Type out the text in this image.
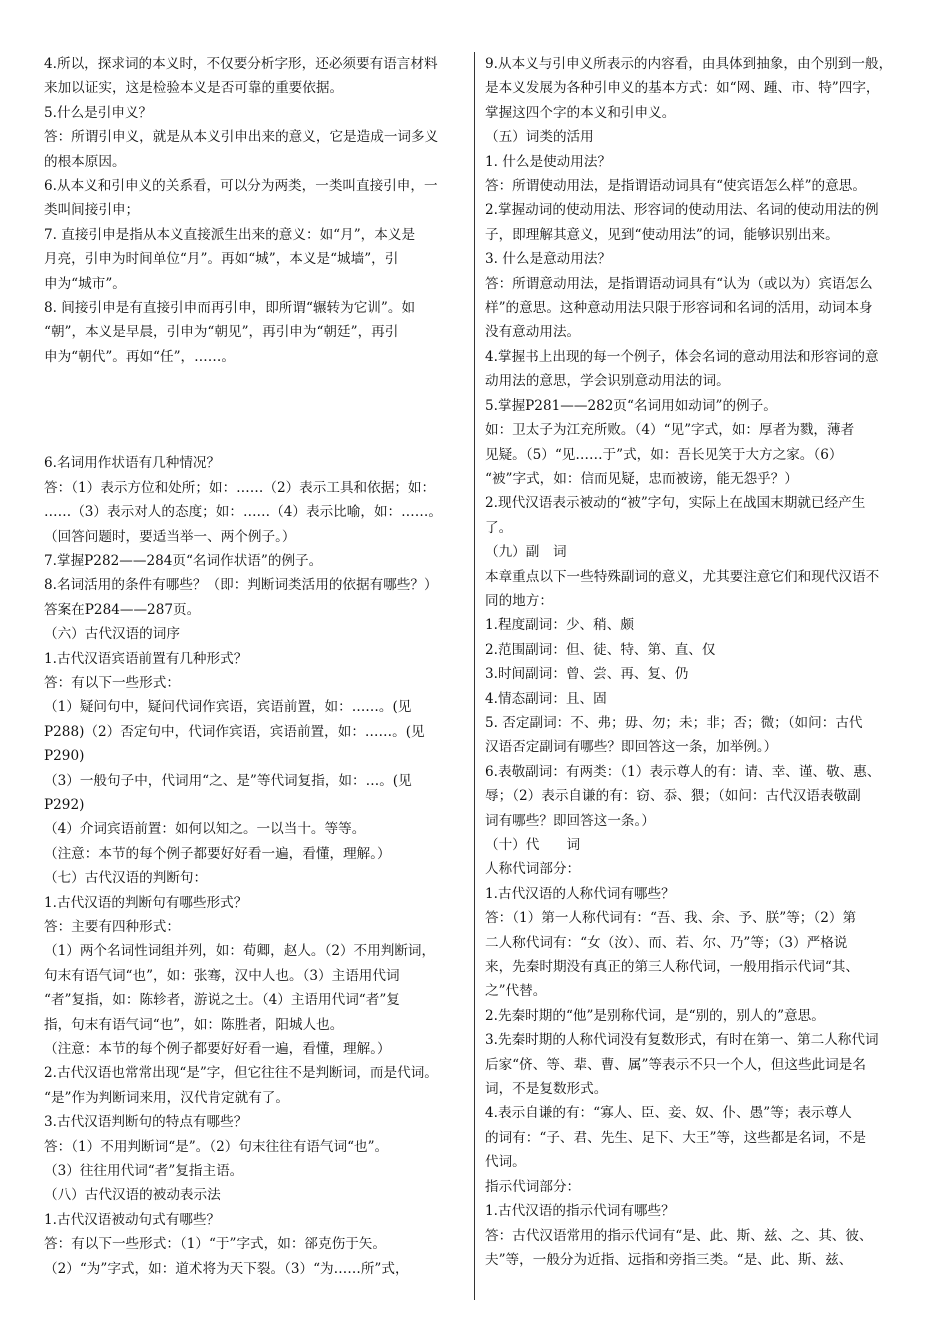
4.所以，探求词的本义时，不仅要分析字形，还必须要有语言材料
来加以证实，这是检验本义是否可靠的重要依据。
5.什么是引申义？
答：所谓引申义，就是从本义引申出来的意义，它是造成一词多义
的根本原因。
6.从本义和引申义的关系看，可以分为两类，一类叫直接引申，一
类叫间接引申；
7. 直接引申是指从本义直接派生出来的意义：如“月”，本义是
月亮，引申为时间单位“月”。再如“城”，本义是“城墙”，引
申为“城市”。
8. 间接引申是有直接引申而再引申，即所谓“辗转为它训”。如
“朝”，本义是早晨，引申为“朝见”，再引申为“朝廷”，再引
申为“朝代”。再如“任”，……。
6.名词用作状语有几种情况？
答：（1）表示方位和处所；如：……（2）表示工具和依据；如：
……（3）表示对人的态度；如：……（4）表示比喻，如：……。
（回答问题时，要适当举一、两个例子。）
7.掌握P282——284页“名词作状语”的例子。
8.名词活用的条件有哪些？（即：判断词类活用的依据有哪些？）
答案在P284——287页。
（六）古代汉语的词序
1.古代汉语宾语前置有几种形式？
答：有以下一些形式：
（1）疑问句中，疑问代词作宾语，宾语前置，如：……。(见
P288)（2）否定句中，代词作宾语，宾语前置，如：……。(见
P290)
（3）一般句子中，代词用“之、是”等代词复指，如：…。(见
P292)
（4）介词宾语前置：如何以知之。一以当十。等等。
（注意：本节的每个例子都要好好看一遍，看懂，理解。）
（七）古代汉语的判断句：
1.古代汉语的判断句有哪些形式？
答：主要有四种形式：
（1）两个名词性词组并列，如：荀卿，赵人。（2）不用判断词，
句末有语气词“也”，如：张骞，汉中人也。（3）主语用代词
“者”复指，如：陈轸者，游说之士。（4）主语用代词“者”复
指，句末有语气词“也”，如：陈胜者，阳城人也。
（注意：本节的每个例子都要好好看一遍，看懂，理解。）
2.古代汉语也常常出现“是”字，但它往往不是判断词，而是代词。
“是”作为判断词来用，汉代肯定就有了。
3.古代汉语判断句的特点有哪些？
答：（1）不用判断词“是”。（2）句末往往有语气词“也”。
（3）往往用代词“者”复指主语。
（八）古代汉语的被动表示法
1.古代汉语被动句式有哪些？
答：有以下一些形式：（1）“于”字式，如：郤克伤于矢。
（2）“为”字式，如：道术将为天下裂。（3）“为……所”式，
9.从本义与引申义所表示的内容看，由具体到抽象，由个别到一般，
是本义发展为各种引申义的基本方式：如“网、踵、市、特”四字，
掌握这四个字的本义和引申义。
（五）词类的活用
1. 什么是使动用法？
答：所谓使动用法，是指谓语动词具有“使宾语怎么样”的意思。
2.掌握动词的使动用法、形容词的使动用法、名词的使动用法的例
子，即理解其意义，见到“使动用法”的词，能够识别出来。
3. 什么是意动用法？
答：所谓意动用法，是指谓语动词具有“认为（或以为）宾语怎么
样”的意思。这种意动用法只限于形容词和名词的活用，动词本身
没有意动用法。
4.掌握书上出现的每一个例子，体会名词的意动用法和形容词的意
动用法的意思，学会识别意动用法的词。
5.掌握P281——282页“名词用如动词”的例子。
如：卫太子为江充所败。（4）“见”字式，如：厚者为戮，薄者
见疑。（5）“见……于”式，如：吾长见笑于大方之家。（6）
“被”字式，如：信而见疑，忠而被谤，能无怨乎？）
2.现代汉语表示被动的“被”字句，实际上在战国末期就已经产生
了。
（九）副　词
本章重点以下一些特殊副词的意义，尤其要注意它们和现代汉语不
同的地方：
1.程度副词：少、稍、颇
2.范围副词：但、徒、特、第、直、仅
3.时间副词：曾、尝、再、复、仍
4.情态副词：且、固
5. 否定副词：不、弗；毋、勿；未；非；否；微；（如问：古代
汉语否定副词有哪些？即回答这一条，加举例。）
6.表敬副词：有两类：（1）表示尊人的有：请、幸、谨、敬、惠、
辱；（2）表示自谦的有：窃、忝、猥；（如问：古代汉语表敬副
词有哪些？即回答这一条。）
（十）代　　词
人称代词部分：
1.古代汉语的人称代词有哪些？
答：（1）第一人称代词有：“吾、我、余、予、朕”等；（2）第
二人称代词有：“女（汝）、而、若、尔、乃”等；（3）严格说
来，先秦时期没有真正的第三人称代词，一般用指示代词“其、
之”代替。
2.先秦时期的“他”是别称代词，是“别的，别人的”意思。
3.先秦时期的人称代词没有复数形式，有时在第一、第二人称代词
后家“侪、等、辈、曹、属”等表示不只一个人，但这些此词是名
词，不是复数形式。
4.表示自谦的有：“寡人、臣、妾、奴、仆、愚”等；表示尊人
的词有：“子、君、先生、足下、大王”等，这些都是名词，不是
代词。
指示代词部分：
1.古代汉语的指示代词有哪些？
答：古代汉语常用的指示代词有“是、此、斯、兹、之、其、彼、
夫”等，一般分为近指、远指和旁指三类。“是、此、斯、兹、
